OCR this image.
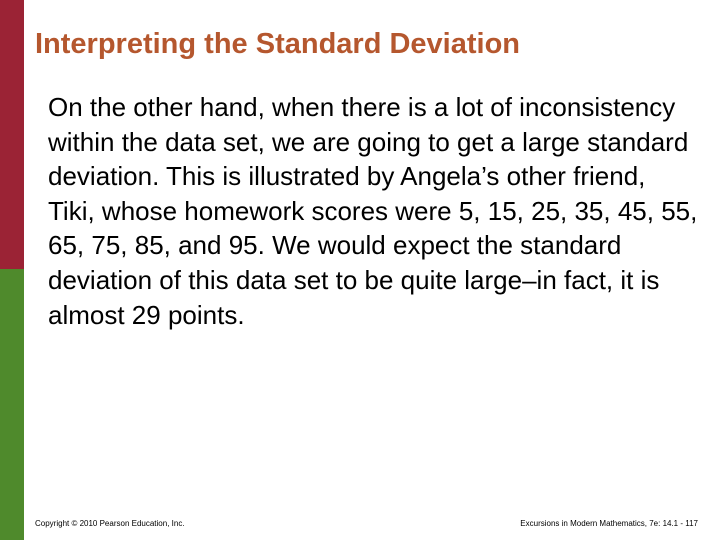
Interpreting the Standard Deviation

On the other hand, when there is a lot of inconsistency within the data set, we are going to get a large standard deviation. This is illustrated by Angela’s other friend, Tiki, whose homework scores were 5, 15, 25, 35, 45, 55, 65, 75, 85, and 95. We would expect the standard deviation of this data set to be quite large–in fact, it is almost 29 points.

Copyright © 2010 Pearson Education, Inc.	Excursions in Modern Mathematics, 7e: 14.1 - 117
